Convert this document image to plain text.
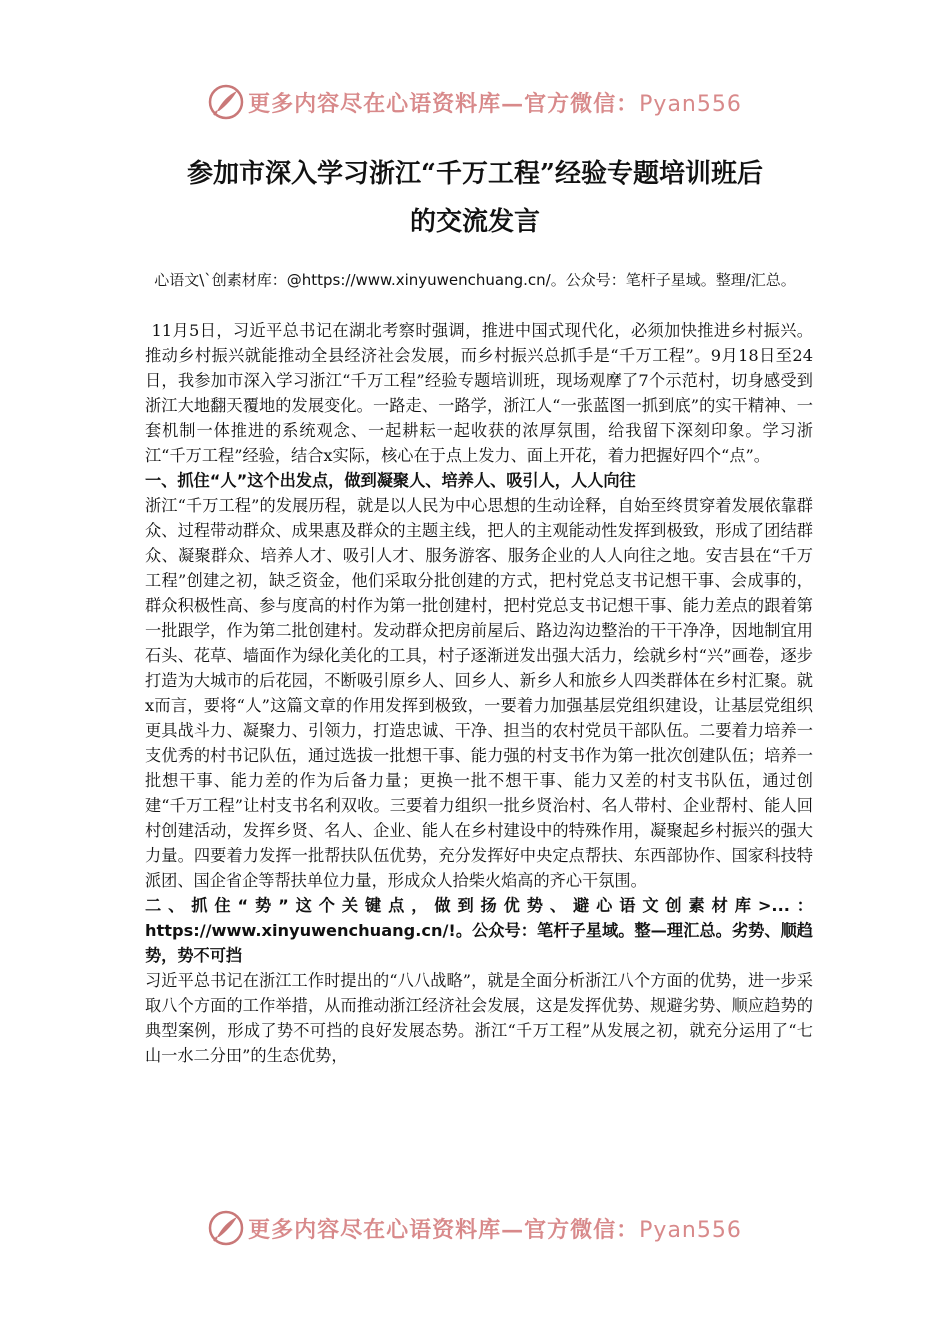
更多内容尽在心语资料库—官方微信：Pyan556
参加市深入学习浙江“千万工程”经验专题培训班后
的交流发言

心语文\`创素材库：@https://www.xinyuwenchuang.cn/。公众号：笔杆子星域。整理/汇总。

11月5日，习近平总书记在湖北考察时强调，推进中国式现代化，必须加快推进乡村振兴。推动乡村振兴就能推动全县经济社会发展，而乡村振兴总抓手是“千万工程”。9月18日至24日，我参加市深入学习浙江“千万工程”经验专题培训班，现场观摩了7个示范村，切身感受到浙江大地翻天覆地的发展变化。一路走、一路学，浙江人“一张蓝图一抓到底”的实干精神、一套机制一体推进的系统观念、一起耕耘一起收获的浓厚氛围，给我留下深刻印象。学习浙江“千万工程”经验，结合x实际，核心在于点上发力、面上开花，着力把握好四个“点”。

一、抓住“人”这个出发点，做到凝聚人、培养人、吸引人，人人向往

浙江“千万工程”的发展历程，就是以人民为中心思想的生动诠释，自始至终贯穿着发展依靠群众、过程带动群众、成果惠及群众的主题主线，把人的主观能动性发挥到极致，形成了团结群众、凝聚群众、培养人才、吸引人才、服务游客、服务企业的人人向往之地。安吉县在“千万工程”创建之初，缺乏资金，他们采取分批创建的方式，把村党总支书记想干事、会成事的，群众积极性高、参与度高的村作为第一批创建村，把村党总支书记想干事、能力差点的跟着第一批跟学，作为第二批创建村。发动群众把房前屋后、路边沟边整治的干干净净，因地制宜用石头、花草、墙面作为绿化美化的工具，村子逐渐迸发出强大活力，绘就乡村“兴”画卷，逐步打造为大城市的后花园，不断吸引原乡人、回乡人、新乡人和旅乡人四类群体在乡村汇聚。就x而言，要将“人”这篇文章的作用发挥到极致，一要着力加强基层党组织建设，让基层党组织更具战斗力、凝聚力、引领力，打造忠诚、干净、担当的农村党员干部队伍。二要着力培养一支优秀的村书记队伍，通过选拔一批想干事、能力强的村支书作为第一批次创建队伍；培养一批想干事、能力差的作为后备力量；更换一批不想干事、能力又差的村支书队伍，通过创建“千万工程”让村支书名利双收。三要着力组织一批乡贤治村、名人带村、企业帮村、能人回村创建活动，发挥乡贤、名人、企业、能人在乡村建设中的特殊作用，凝聚起乡村振兴的强大力量。四要着力发挥一批帮扶队伍优势，充分发挥好中央定点帮扶、东西部协作、国家科技特派团、国企省企等帮扶单位力量，形成众人拾柴火焰高的齐心干氛围。

二、抓住“势”这个关键点，做到扬优势、避心语文创素材库>...：https://www.xinyuwenchuang.cn/!。公众号：笔杆子星域。整—理汇总。劣势、顺趋势，势不可挡

习近平总书记在浙江工作时提出的“八八战略”，就是全面分析浙江八个方面的优势，进一步采取八个方面的工作举措，从而推动浙江经济社会发展，这是发挥优势、规避劣势、顺应趋势的典型案例，形成了势不可挡的良好发展态势。浙江“千万工程”从发展之初，就充分运用了“七山一水二分田”的生态优势，

更多内容尽在心语资料库—官方微信：Pyan556
